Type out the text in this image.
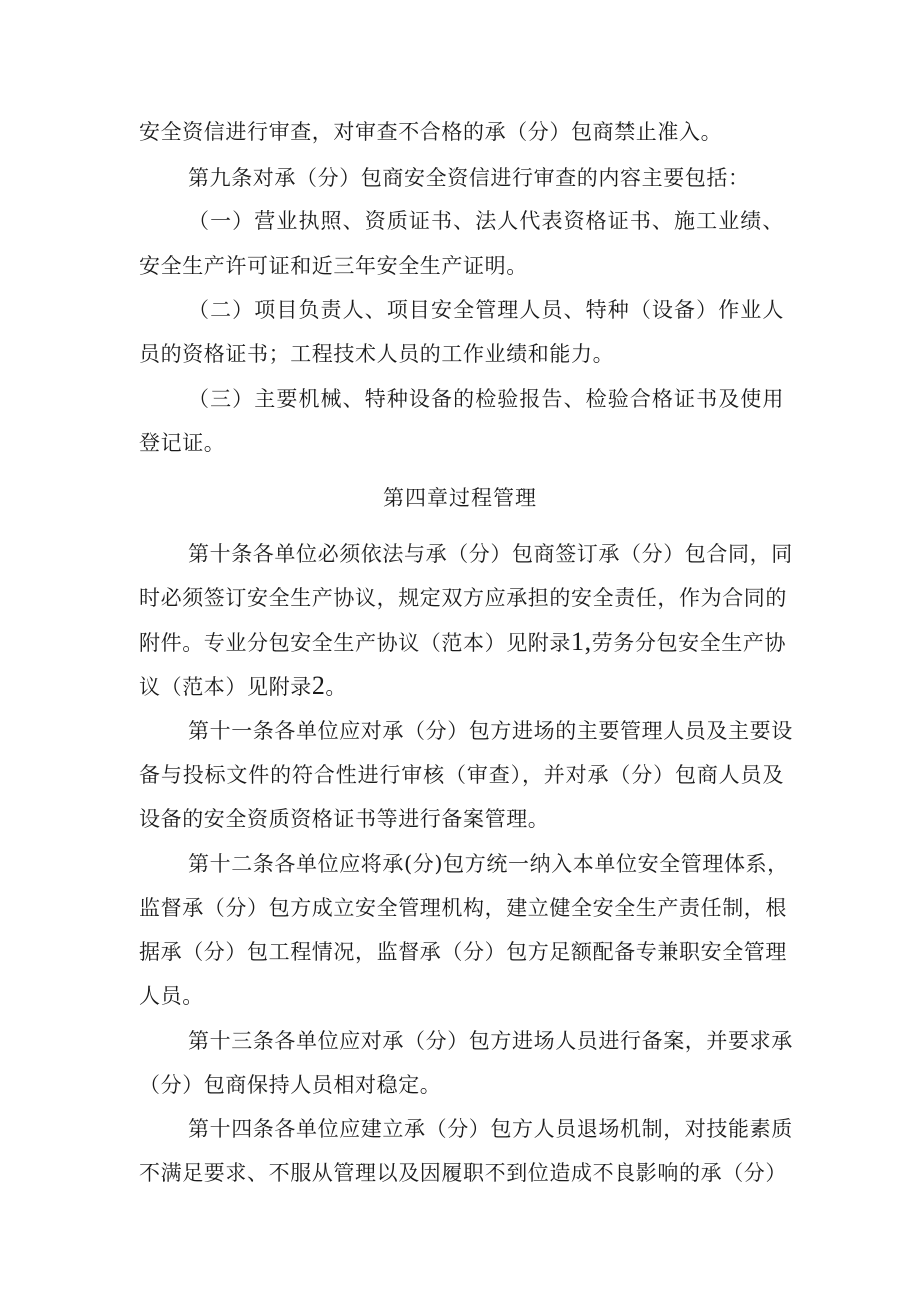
安全资信进行审查，对审查不合格的承（分）包商禁止准入。
第九条对承（分）包商安全资信进行审查的内容主要包括：
（一）营业执照、资质证书、法人代表资格证书、施工业绩、
安全生产许可证和近三年安全生产证明。
（二）项目负责人、项目安全管理人员、特种（设备）作业人
员的资格证书；工程技术人员的工作业绩和能力。
（三）主要机械、特种设备的检验报告、检验合格证书及使用
登记证。
第四章过程管理
第十条各单位必须依法与承（分）包商签订承（分）包合同，同
时必须签订安全生产协议，规定双方应承担的安全责任，作为合同的
附件。专业分包安全生产协议（范本）见附录1,劳务分包安全生产协
议（范本）见附录2。
第十一条各单位应对承（分）包方进场的主要管理人员及主要设
备与投标文件的符合性进行审核（审查），并对承（分）包商人员及
设备的安全资质资格证书等进行备案管理。
第十二条各单位应将承(分)包方统一纳入本单位安全管理体系，
监督承（分）包方成立安全管理机构，建立健全安全生产责任制，根
据承（分）包工程情况，监督承（分）包方足额配备专兼职安全管理
人员。
第十三条各单位应对承（分）包方进场人员进行备案，并要求承
（分）包商保持人员相对稳定。
第十四条各单位应建立承（分）包方人员退场机制，对技能素质
不满足要求、不服从管理以及因履职不到位造成不良影响的承（分）
